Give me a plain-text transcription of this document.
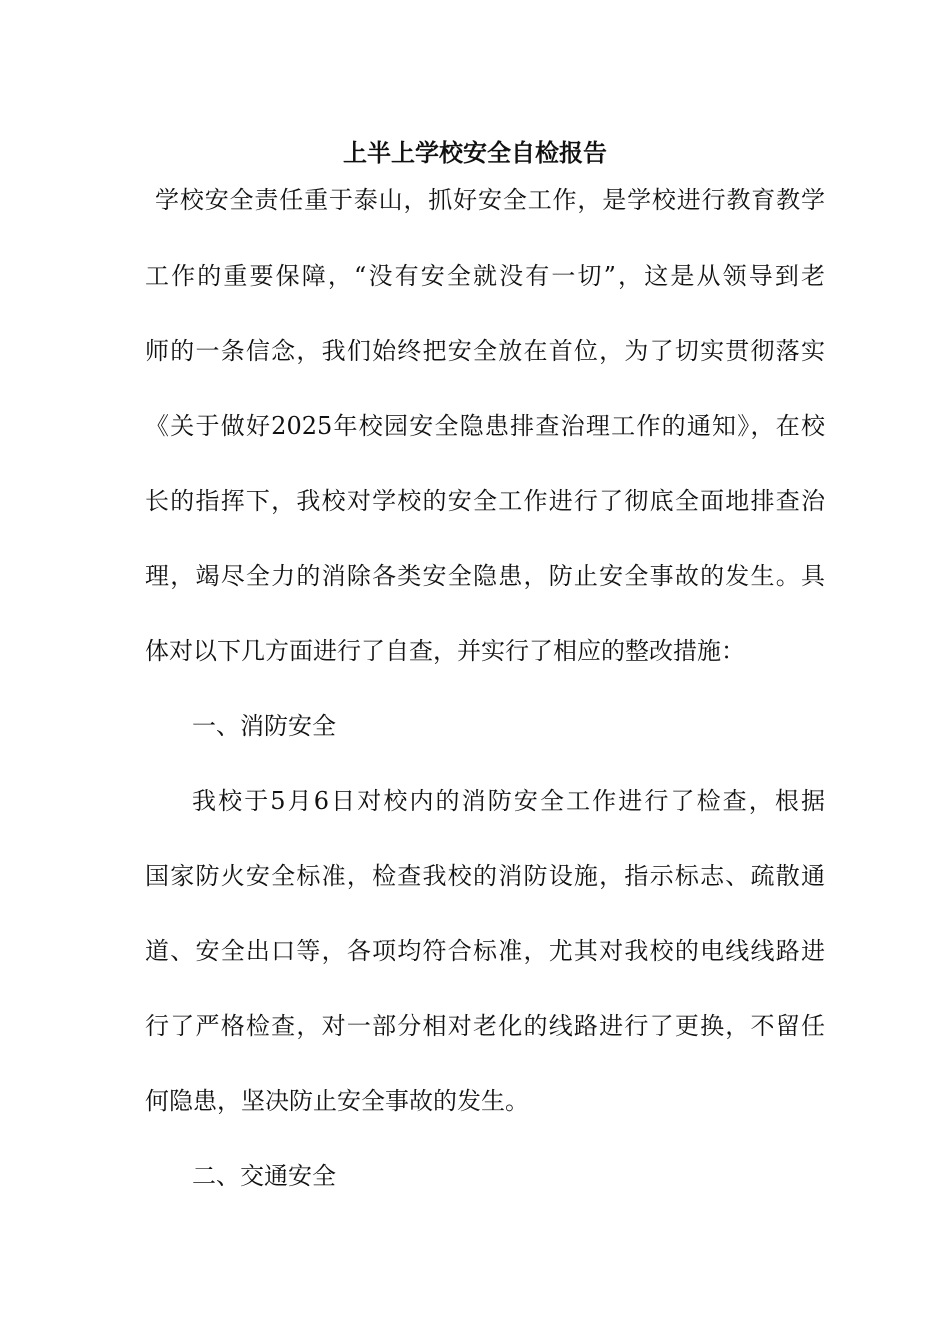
上半上学校安全自检报告
学校安全责任重于泰山，抓好安全工作，是学校进行教育教学
工作的重要保障，“没有安全就没有一切”，这是从领导到老
师的一条信念，我们始终把安全放在首位，为了切实贯彻落实
《关于做好2025年校园安全隐患排查治理工作的通知》，在校
长的指挥下，我校对学校的安全工作进行了彻底全面地排查治
理，竭尽全力的消除各类安全隐患，防止安全事故的发生。具
体对以下几方面进行了自查，并实行了相应的整改措施：
一、消防安全
我校于5月6日对校内的消防安全工作进行了检查，根据
国家防火安全标准，检查我校的消防设施，指示标志、疏散通
道、安全出口等，各项均符合标准，尤其对我校的电线线路进
行了严格检查，对一部分相对老化的线路进行了更换，不留任
何隐患，坚决防止安全事故的发生。
二、交通安全
